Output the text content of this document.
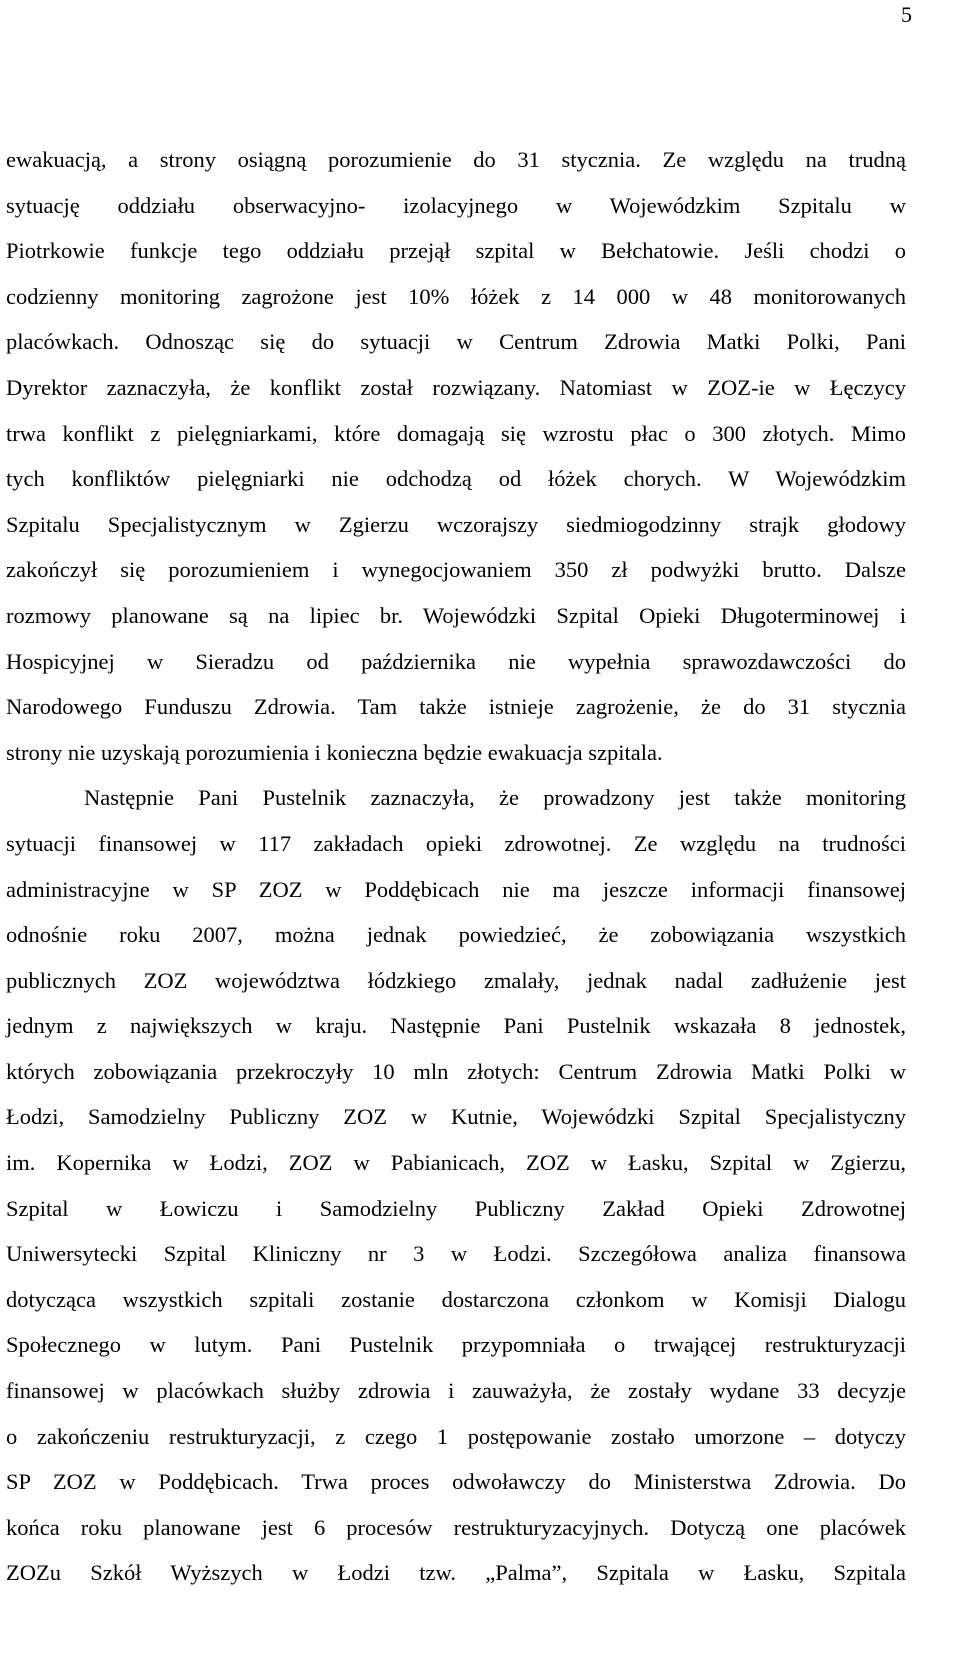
5
ewakuacją, a strony osiągną porozumienie do 31 stycznia. Ze względu na trudną
sytuację oddziału obserwacyjno- izolacyjnego w Wojewódzkim Szpitalu w
Piotrkowie funkcje tego oddziału przejął szpital w Bełchatowie. Jeśli chodzi o
codzienny monitoring zagrożone jest 10% łóżek z 14 000 w 48 monitorowanych
placówkach. Odnosząc się do sytuacji w Centrum Zdrowia Matki Polki, Pani
Dyrektor zaznaczyła, że konflikt został rozwiązany. Natomiast w ZOZ-ie w Łęczycy
trwa konflikt z pielęgniarkami, które domagają się wzrostu płac o 300 złotych. Mimo
tych konfliktów pielęgniarki nie odchodzą od łóżek chorych. W Wojewódzkim
Szpitalu Specjalistycznym w Zgierzu wczorajszy siedmiogodzinny strajk głodowy
zakończył się porozumieniem i wynegocjowaniem 350 zł podwyżki brutto. Dalsze
rozmowy planowane są na lipiec br. Wojewódzki Szpital Opieki Długoterminowej i
Hospicyjnej w Sieradzu od października nie wypełnia sprawozdawczości do
Narodowego Funduszu Zdrowia. Tam także istnieje zagrożenie, że do 31 stycznia
strony nie uzyskają porozumienia i konieczna będzie ewakuacja szpitala.
Następnie Pani Pustelnik zaznaczyła, że prowadzony jest także monitoring
sytuacji finansowej w 117 zakładach opieki zdrowotnej. Ze względu na trudności
administracyjne w SP ZOZ w Poddębicach nie ma jeszcze informacji finansowej
odnośnie roku 2007, można jednak powiedzieć, że zobowiązania wszystkich
publicznych ZOZ województwa łódzkiego zmalały, jednak nadal zadłużenie jest
jednym z największych w kraju. Następnie Pani Pustelnik wskazała 8 jednostek,
których zobowiązania przekroczyły 10 mln złotych: Centrum Zdrowia Matki Polki w
Łodzi, Samodzielny Publiczny ZOZ w Kutnie, Wojewódzki Szpital Specjalistyczny
im. Kopernika w Łodzi, ZOZ w Pabianicach, ZOZ w Łasku, Szpital w Zgierzu,
Szpital w Łowiczu i Samodzielny Publiczny Zakład Opieki Zdrowotnej
Uniwersytecki Szpital Kliniczny nr 3 w Łodzi. Szczegółowa analiza finansowa
dotycząca wszystkich szpitali zostanie dostarczona członkom w Komisji Dialogu
Społecznego w lutym. Pani Pustelnik przypomniała o trwającej restrukturyzacji
finansowej w placówkach służby zdrowia i zauważyła, że zostały wydane 33 decyzje
o zakończeniu restrukturyzacji, z czego 1 postępowanie zostało umorzone – dotyczy
SP ZOZ w Poddębicach. Trwa proces odwoławczy do Ministerstwa Zdrowia. Do
końca roku planowane jest 6 procesów restrukturyzacyjnych. Dotyczą one placówek
ZOZu Szkół Wyższych w Łodzi tzw. „Palma”, Szpitala w Łasku, Szpitala
